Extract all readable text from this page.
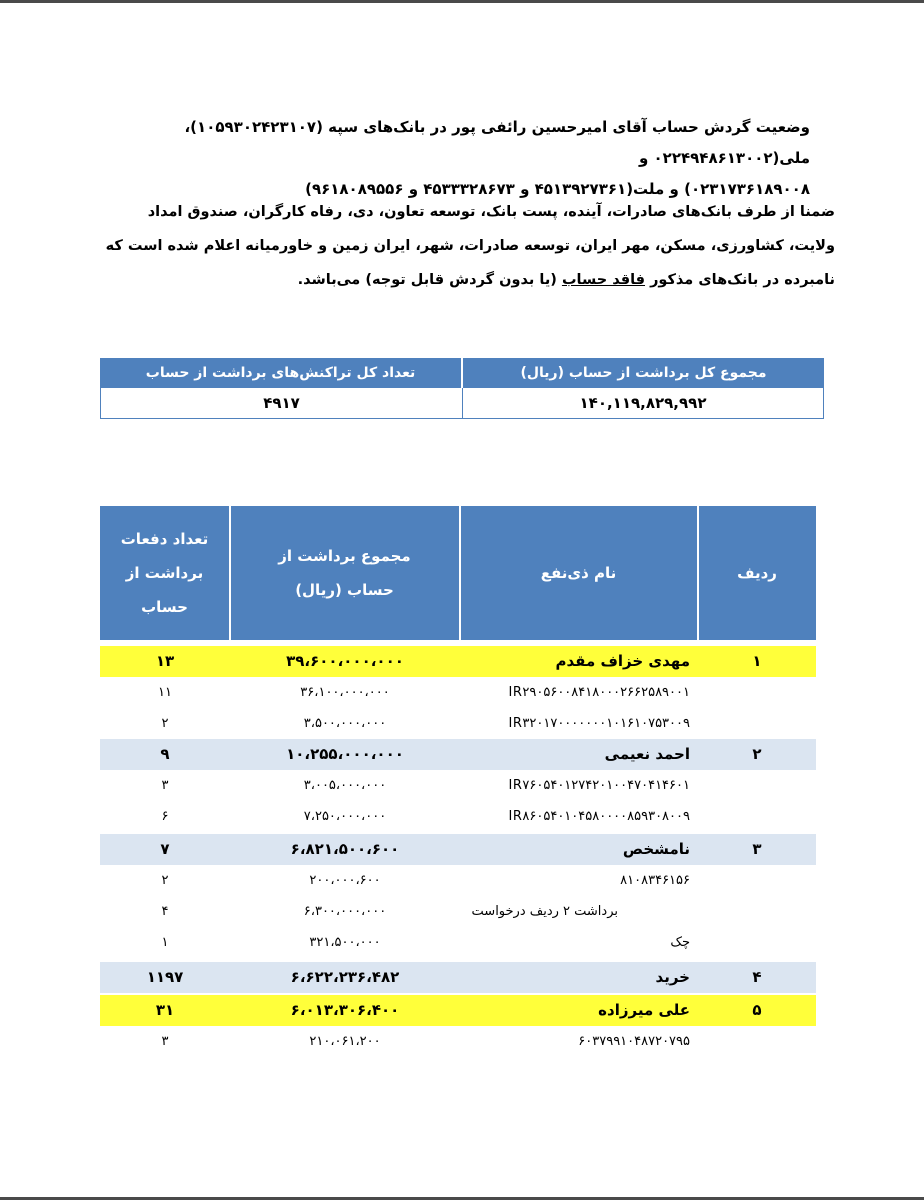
وضعیت گردش حساب آقای امیرحسین رائفی پور در بانک‌های سپه (۱۰۵۹۳۰۲۴۲۳۱۰۷)، ملی(۰۲۲۴۹۴۸۶۱۳۰۰۲ و
۰۲۳۱۷۳۶۱۸۹۰۰۸) و ملت(۴۵۱۳۹۲۷۳۶۱ و ۴۵۳۳۳۲۸۶۷۳ و ۹۶۱۸۰۸۹۵۵۶)
ضمنا از طرف بانک‌های صادرات، آینده، پست بانک، توسعه تعاون، دی، رفاه کارگران، صندوق امداد ولایت، کشاورزی، مسکن، مهر ایران، توسعه صادرات، شهر، ایران زمین و خاورمیانه اعلام شده است که نامبرده در بانک‌های مذکور فاقد حساب (یا بدون گردش قابل توجه) می‌باشد.
مجموع کل برداشت از حساب (ریال)
تعداد کل تراکنش‌های برداشت از حساب
۱۴۰,۱۱۹,۸۲۹,۹۹۲
۴۹۱۷
ردیف
نام ذی‌نفع
مجموع برداشت از
حساب (ریال)
تعداد دفعات
برداشت از
حساب
۱
مهدی خزاف مقدم
۳۹،۶۰۰،۰۰۰،۰۰۰
۱۳
IR۲۹۰۵۶۰۰۸۴۱۸۰۰۰۲۶۶۲۵۸۹۰۰۱
۳۶،۱۰۰،۰۰۰،۰۰۰
۱۱
IR۳۲۰۱۷۰۰۰۰۰۰۰۱۰۱۶۱۰۷۵۳۰۰۹
۳،۵۰۰،۰۰۰،۰۰۰
۲
۲
احمد نعیمی
۱۰،۲۵۵،۰۰۰،۰۰۰
۹
IR۷۶۰۵۴۰۱۲۷۴۲۰۱۰۰۴۷۰۴۱۴۶۰۱
۳،۰۰۵،۰۰۰،۰۰۰
۳
IR۸۶۰۵۴۰۱۰۴۵۸۰۰۰۰۸۵۹۳۰۸۰۰۹
۷،۲۵۰،۰۰۰،۰۰۰
۶
۳
نامشخص
۶،۸۲۱،۵۰۰،۶۰۰
۷
۸۱۰۸۳۴۶۱۵۶
۲۰۰،۰۰۰،۶۰۰
۲
برداشت ۲ ردیف درخواست
۶،۳۰۰،۰۰۰،۰۰۰
۴
چک
۳۲۱،۵۰۰،۰۰۰
۱
۴
خرید
۶،۶۲۲،۲۳۶،۴۸۲
۱۱۹۷
۵
علی میرزاده
۶،۰۱۳،۳۰۶،۴۰۰
۳۱
۶۰۳۷۹۹۱۰۴۸۷۲۰۷۹۵
۲۱۰،۰۶۱،۲۰۰
۳
